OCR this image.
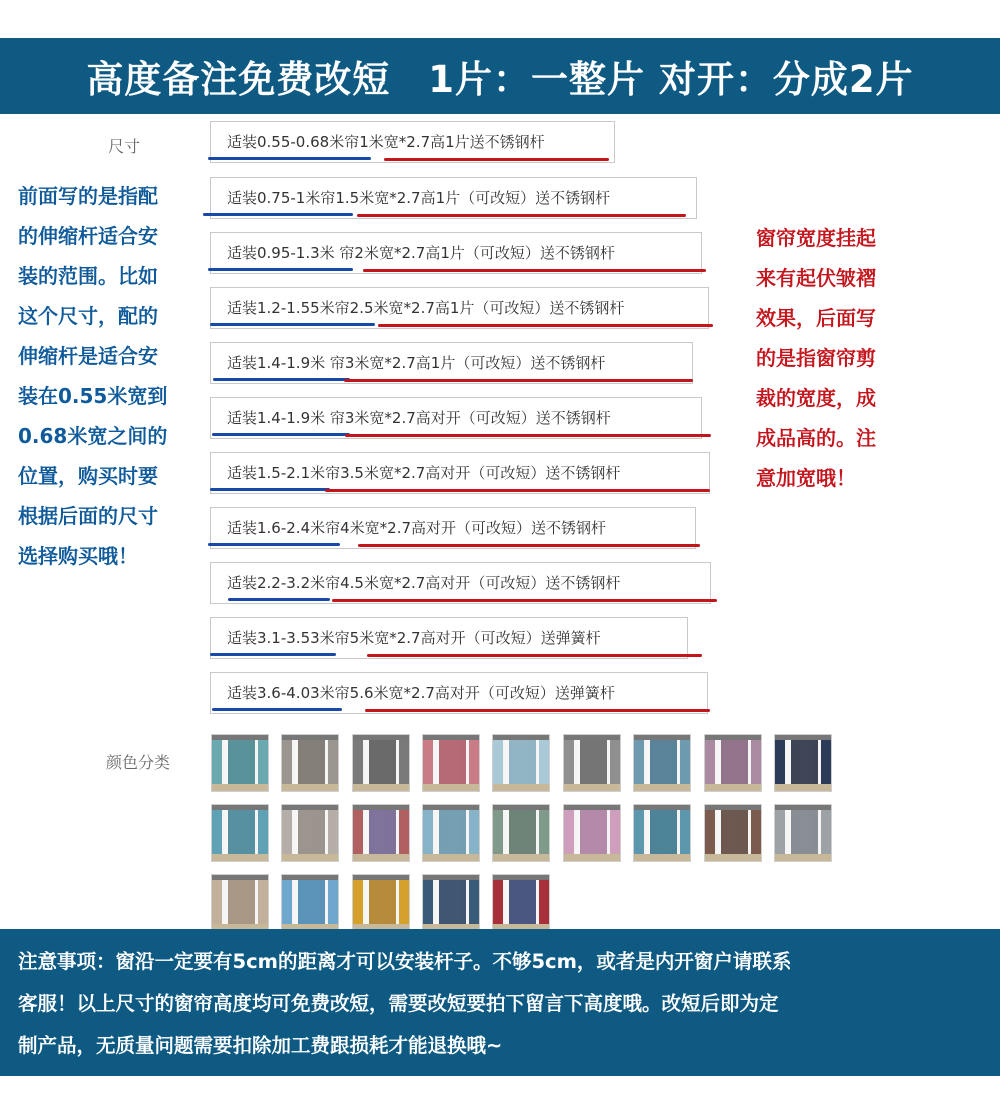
高度备注免费改短　1片：一整片 对开：分成2片
尺寸	适装0.55-0.68米帘1米宽*2.7高1片送不锈钢杆
适装0.75-1米帘1.5米宽*2.7高1片（可改短）送不锈钢杆
适装0.95-1.3米 帘2米宽*2.7高1片（可改短）送不锈钢杆
适装1.2-1.55米帘2.5米宽*2.7高1片（可改短）送不锈钢杆
适装1.4-1.9米 帘3米宽*2.7高1片（可改短）送不锈钢杆
适装1.4-1.9米 帘3米宽*2.7高对开（可改短）送不锈钢杆
适装1.5-2.1米帘3.5米宽*2.7高对开（可改短）送不锈钢杆
适装1.6-2.4米帘4米宽*2.7高对开（可改短）送不锈钢杆
适装2.2-3.2米帘4.5米宽*2.7高对开（可改短）送不锈钢杆
适装3.1-3.53米帘5米宽*2.7高对开（可改短）送弹簧杆
适装3.6-4.03米帘5.6米宽*2.7高对开（可改短）送弹簧杆
前面写的是指配
的伸缩杆适合安
装的范围。比如
这个尺寸，配的
伸缩杆是适合安
装在0.55米宽到
0.68米宽之间的
位置，购买时要
根据后面的尺寸
选择购买哦！
窗帘宽度挂起
来有起伏皱褶
效果，后面写
的是指窗帘剪
裁的宽度，成
成品高的。注
意加宽哦！
颜色分类
注意事项：窗沿一定要有5cm的距离才可以安装杆子。不够5cm，或者是内开窗户请联系
客服！以上尺寸的窗帘高度均可免费改短，需要改短要拍下留言下高度哦。改短后即为定
制产品，无质量问题需要扣除加工费跟损耗才能退换哦~
